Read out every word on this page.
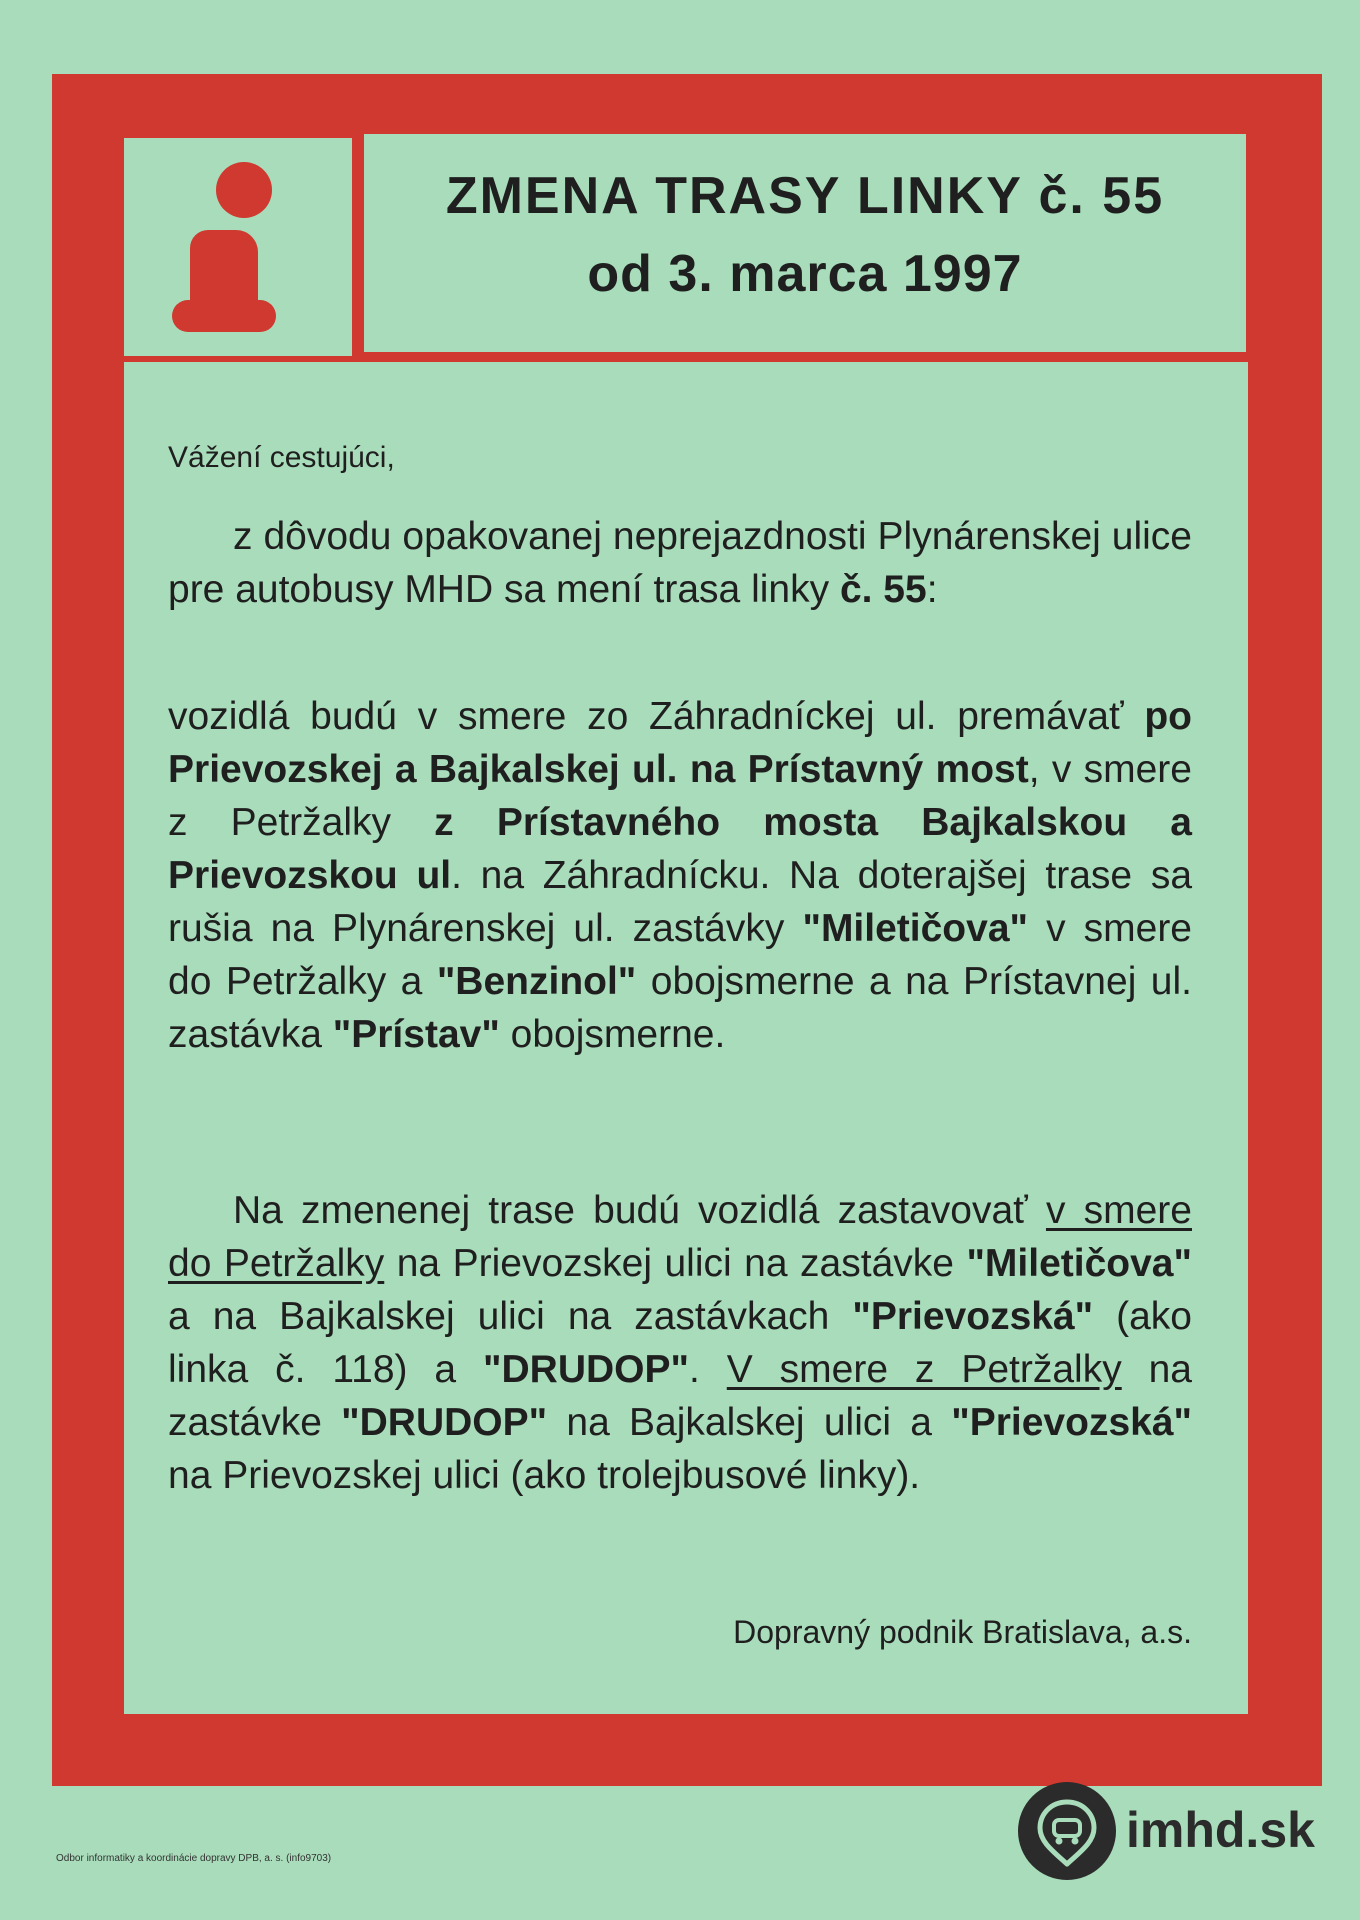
ZMENA TRASY LINKY č. 55
od 3. marca 1997

Vážení cestujúci,

z dôvodu opakovanej neprejazdnosti Plynárenskej ulice pre autobusy MHD sa mení trasa linky č. 55:

vozidlá budú v smere zo Záhradníckej ul. premávať po Prievozskej a Bajkalskej ul. na Prístavný most, v smere z Petržalky z Prístavného mosta Bajkalskou a Prievozskou ul. na Záhradnícku. Na doterajšej trase sa rušia na Plynárenskej ul. zastávky "Miletičova" v smere do Petržalky a "Benzinol" obojsmerne a na Prístavnej ul. zastávka "Prístav" obojsmerne.

Na zmenenej trase budú vozidlá zastavovať v smere do Petržalky na Prievozskej ulici na zastávke "Miletičova" a na Bajkalskej ulici na zastávkach "Prievozská" (ako linka č. 118) a "DRUDOP". V smere z Petržalky na zastávke "DRUDOP" na Bajkalskej ulici a "Prievozská" na Prievozskej ulici (ako trolejbusové linky).

Dopravný podnik Bratislava, a.s.
Odbor informatiky a koordinácie dopravy DPB, a. s. (info9703)
imhd.sk
